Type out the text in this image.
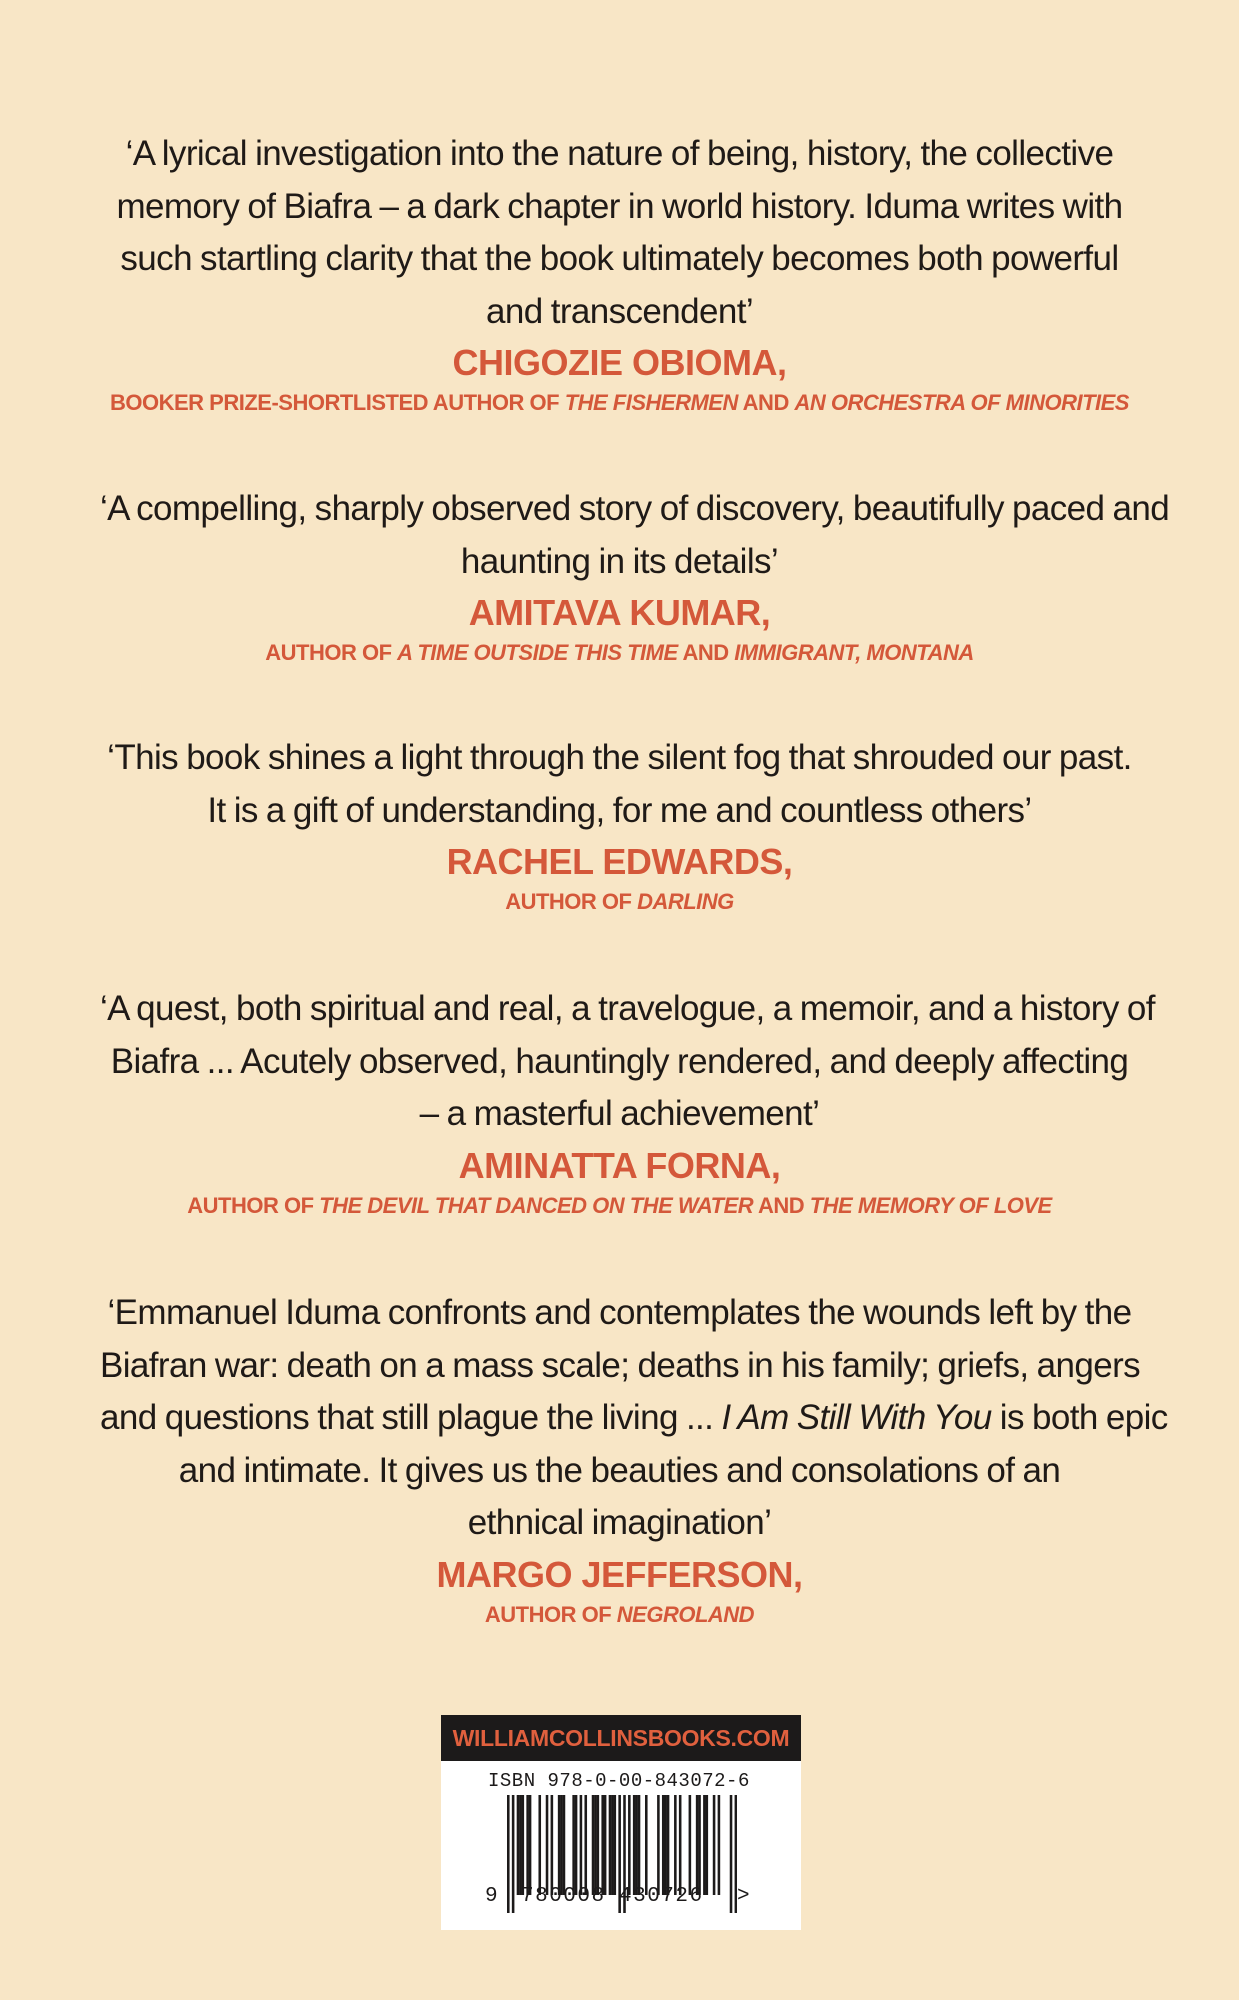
‘A lyrical investigation into the nature of being, history, the collective
memory of Biafra – a dark chapter in world history. Iduma writes with
such startling clarity that the book ultimately becomes both powerful
and transcendent’

CHIGOZIE OBIOMA,
BOOKER PRIZE-SHORTLISTED AUTHOR OF THE FISHERMEN AND AN ORCHESTRA OF MINORITIES

‘A compelling, sharply observed story of discovery, beautifully paced and
haunting in its details’

AMITAVA KUMAR,
AUTHOR OF A TIME OUTSIDE THIS TIME AND IMMIGRANT, MONTANA

‘This book shines a light through the silent fog that shrouded our past.
It is a gift of understanding, for me and countless others’

RACHEL EDWARDS,
AUTHOR OF DARLING

‘A quest, both spiritual and real, a travelogue, a memoir, and a history of
Biafra ... Acutely observed, hauntingly rendered, and deeply affecting
– a masterful achievement’

AMINATTA FORNA,
AUTHOR OF THE DEVIL THAT DANCED ON THE WATER AND THE MEMORY OF LOVE

‘Emmanuel Iduma confronts and contemplates the wounds left by the
Biafran war: death on a mass scale; deaths in his family; griefs, angers
and questions that still plague the living ... I Am Still With You is both epic
and intimate. It gives us the beauties and consolations of an
ethnical imagination’

MARGO JEFFERSON,
AUTHOR OF NEGROLAND
WILLIAMCOLLINSBOOKS.COM
ISBN 978-0-00-843072-6
9 780008 430726 >
